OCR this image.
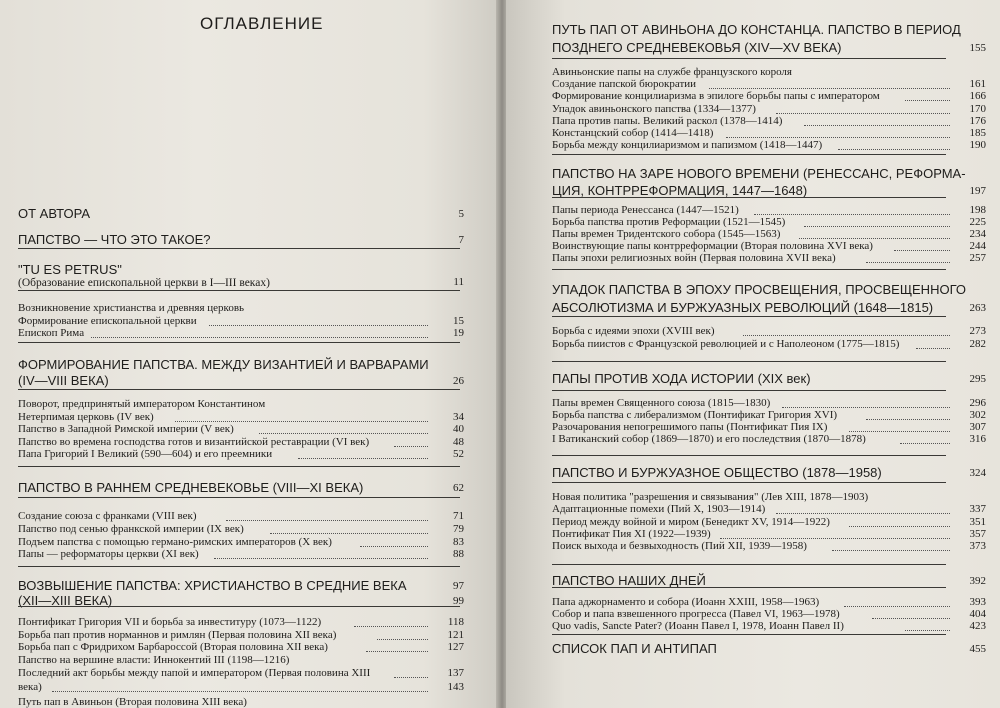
ОГЛАВЛЕНИЕ
ОТ АВТОРА	5
ПАПСТВО — ЧТО ЭТО ТАКОЕ?	7
"TU ES PETRUS"
(Образование епископальной церкви в I—III веках)	11
Возникновение христианства и древняя церковь
Формирование епископальной церкви	15
Епископ Рима	19
ФОРМИРОВАНИЕ ПАПСТВА. МЕЖДУ ВИЗАНТИЕЙ И ВАРВАРАМИ
(IV—VIII ВЕКА)	26
Поворот, предпринятый императором Константином
Нетерпимая церковь (IV век)	34
Папство в Западной Римской империи (V век)	40
Папство во времена господства готов и византийской реставрации (VI век)	48
Папа Григорий I Великий (590—604) и его преемники	52
ПАПСТВО В РАННЕМ СРЕДНЕВЕКОВЬЕ (VIII—XI ВЕКА)	62
Создание союза с франками (VIII век)	71
Папство под сенью франкской империи (IX век)	79
Подъем папства с помощью германо-римских императоров (X век)	83
Папы — реформаторы церкви (XI век)	88
ВОЗВЫШЕНИЕ ПАПСТВА: ХРИСТИАНСТВО В СРЕДНИЕ ВЕКА	97
(XII—XIII ВЕКА)	99
Понтификат Григория VII и борьба за инвеституру (1073—1122)	118
Борьба пап против норманнов и римлян (Первая половина XII века)	121
Борьба пап с Фридрихом Барбароссой (Вторая половина XII века)	127
Папство на вершине власти: Иннокентий III (1198—1216)
Последний акт борьбы между папой и императором (Первая половина XIII	137
века)	143
Путь пап в Авиньон (Вторая половина XIII века)
ПУТЬ ПАП ОТ АВИНЬОНА ДО КОНСТАНЦА. ПАПСТВО В ПЕРИОД
ПОЗДНЕГО СРЕДНЕВЕКОВЬЯ (XIV—XV ВЕКА)	155
Авиньонские папы на службе французского короля
Создание папской бюрократии	161
Формирование концилиаризма в эпилоге борьбы папы с императором	166
Упадок авиньонского папства (1334—1377)	170
Папа против папы. Великий раскол (1378—1414)	176
Констанцский собор (1414—1418)	185
Борьба между концилиаризмом и папизмом (1418—1447)	190
ПАПСТВО НА ЗАРЕ НОВОГО ВРЕМЕНИ (РЕНЕССАНС, РЕФОРМА-
ЦИЯ, КОНТРРЕФОРМАЦИЯ, 1447—1648)	197
Папы периода Ренессанса (1447—1521)	198
Борьба папства против Реформации (1521—1545)	225
Папы времен Тридентского собора (1545—1563)	234
Воинствующие папы контрреформации (Вторая половина XVI века)	244
Папы эпохи религиозных войн (Первая половина XVII века)	257
УПАДОК ПАПСТВА В ЭПОХУ ПРОСВЕЩЕНИЯ, ПРОСВЕЩЕННОГО
АБСОЛЮТИЗМА И БУРЖУАЗНЫХ РЕВОЛЮЦИЙ (1648—1815)	263
Борьба с идеями эпохи (XVIII век)	273
Борьба пиистов с Французской революцией и с Наполеоном (1775—1815)	282
ПАПЫ ПРОТИВ ХОДА ИСТОРИИ (XIX век)	295
Папы времен Священного союза (1815—1830)	296
Борьба папства с либерализмом (Понтификат Григория XVI)	302
Разочарования непогрешимого папы (Понтификат Пия IX)	307
I Ватиканский собор (1869—1870) и его последствия (1870—1878)	316
ПАПСТВО И БУРЖУАЗНОЕ ОБЩЕСТВО (1878—1958)	324
Новая политика "разрешения и связывания" (Лев XIII, 1878—1903)
Адаптационные помехи (Пий X, 1903—1914)	337
Период между войной и миром (Бенедикт XV, 1914—1922)	351
Понтификат Пия XI (1922—1939)	357
Поиск выхода и безвыходность (Пий XII, 1939—1958)	373
ПАПСТВО НАШИХ ДНЕЙ	392
Папа аджорнаменто и собора (Иоанн XXIII, 1958—1963)	393
Собор и папа взвешенного прогресса (Павел VI, 1963—1978)	404
Quo vadis, Sancte Pater? (Иоанн Павел I, 1978, Иоанн Павел II)	423
СПИСОК ПАП И АНТИПАП	455
